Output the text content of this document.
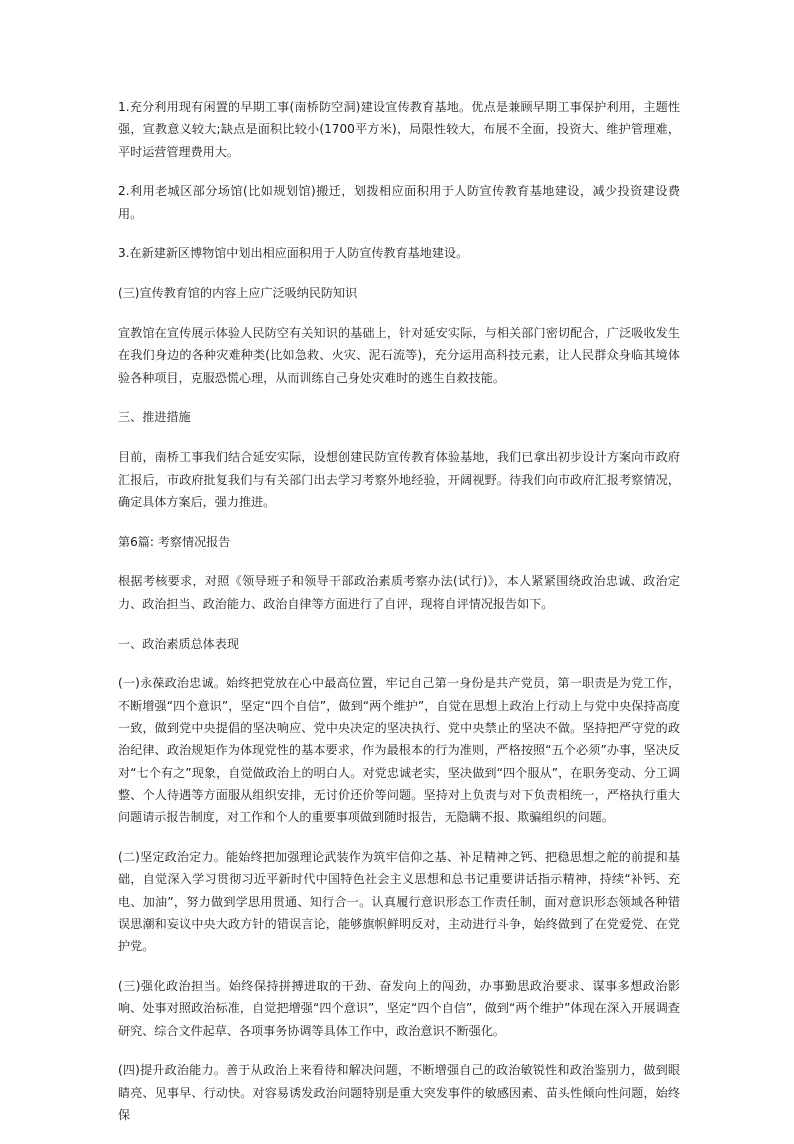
1.充分利用现有闲置的早期工事(南桥防空洞)建设宣传教育基地。优点是兼顾早期工事保护利用，主题性强，宣教意义较大;缺点是面积比较小(1700平方米)，局限性较大，布展不全面，投资大、维护管理难，平时运营管理费用大。

2.利用老城区部分场馆(比如规划馆)搬迁，划拨相应面积用于人防宣传教育基地建设，减少投资建设费用。

3.在新建新区博物馆中划出相应面积用于人防宣传教育基地建设。

(三)宣传教育馆的内容上应广泛吸纳民防知识

宣教馆在宣传展示体验人民防空有关知识的基础上，针对延安实际，与相关部门密切配合，广泛吸收发生在我们身边的各种灾难种类(比如急救、火灾、泥石流等)，充分运用高科技元素，让人民群众身临其境体验各种项目，克服恐慌心理，从而训练自己身处灾难时的逃生自救技能。

三、推进措施

目前，南桥工事我们结合延安实际，设想创建民防宣传教育体验基地，我们已拿出初步设计方案向市政府汇报后，市政府批复我们与有关部门出去学习考察外地经验，开阔视野。待我们向市政府汇报考察情况，确定具体方案后，强力推进。

第6篇: 考察情况报告

根据考核要求，对照《领导班子和领导干部政治素质考察办法(试行)》，本人紧紧围绕政治忠诚、政治定力、政治担当、政治能力、政治自律等方面进行了自评，现将自评情况报告如下。

一、政治素质总体表现

(一)永葆政治忠诚。始终把党放在心中最高位置，牢记自己第一身份是共产党员，第一职责是为党工作，不断增强“四个意识”，坚定“四个自信”，做到“两个维护”，自觉在思想上政治上行动上与党中央保持高度一致，做到党中央提倡的坚决响应、党中央决定的坚决执行、党中央禁止的坚决不做。坚持把严守党的政治纪律、政治规矩作为体现党性的基本要求，作为最根本的行为准则，严格按照“五个必须”办事，坚决反对“七个有之”现象，自觉做政治上的明白人。对党忠诚老实，坚决做到“四个服从”，在职务变动、分工调整、个人待遇等方面服从组织安排，无讨价还价等问题。坚持对上负责与对下负责相统一，严格执行重大问题请示报告制度，对工作和个人的重要事项做到随时报告，无隐瞒不报、欺骗组织的问题。

(二)坚定政治定力。能始终把加强理论武装作为筑牢信仰之基、补足精神之钙、把稳思想之舵的前提和基础，自觉深入学习贯彻习近平新时代中国特色社会主义思想和总书记重要讲话指示精神，持续“补钙、充电、加油”，努力做到学思用贯通、知行合一。认真履行意识形态工作责任制，面对意识形态领域各种错误思潮和妄议中央大政方针的错误言论，能够旗帜鲜明反对，主动进行斗争，始终做到了在党爱党、在党护党。

(三)强化政治担当。始终保持拼搏进取的干劲、奋发向上的闯劲，办事勤思政治要求、谋事多想政治影响、处事对照政治标准，自觉把增强“四个意识”，坚定“四个自信”，做到“两个维护”体现在深入开展调查研究、综合文件起草、各项事务协调等具体工作中，政治意识不断强化。

(四)提升政治能力。善于从政治上来看待和解决问题，不断增强自己的政治敏锐性和政治鉴别力，做到眼睛亮、见事早、行动快。对容易诱发政治问题特别是重大突发事件的敏感因素、苗头性倾向性问题，始终保
